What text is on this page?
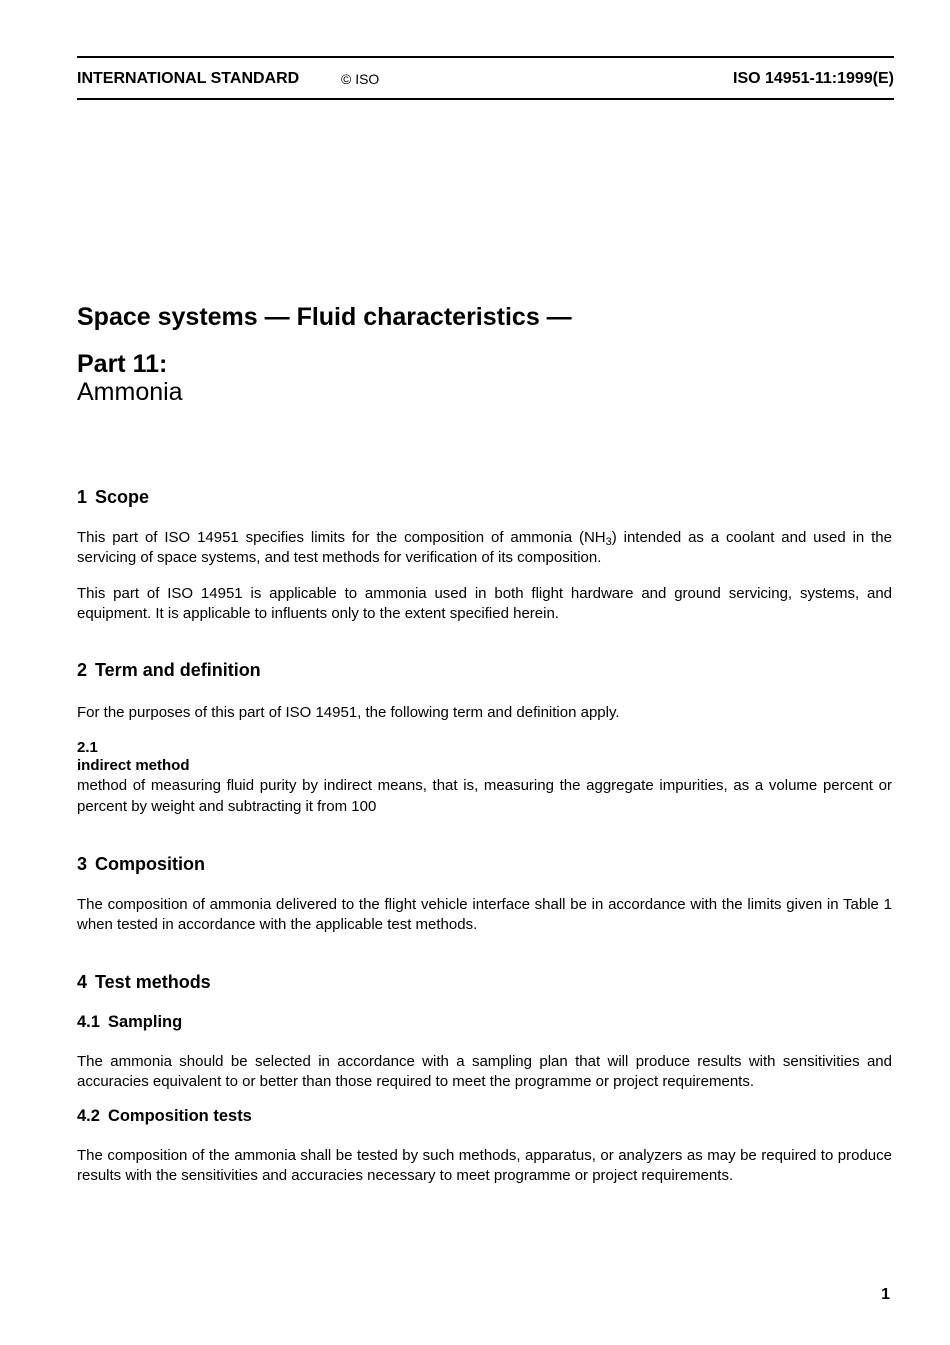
INTERNATIONAL STANDARD	© ISO	ISO 14951-11:1999(E)
Space systems — Fluid characteristics —
Part 11:
Ammonia
1 Scope
This part of ISO 14951 specifies limits for the composition of ammonia $(NH_3)$ intended as a coolant and used in the servicing of space systems, and test methods for verification of its composition.
This part of ISO 14951 is applicable to ammonia used in both flight hardware and ground servicing, systems, and equipment. It is applicable to influents only to the extent specified herein.
2 Term and definition
For the purposes of this part of ISO 14951, the following term and definition apply.
2.1
indirect method
method of measuring fluid purity by indirect means, that is, measuring the aggregate impurities, as a volume percent or percent by weight and subtracting it from 100
3 Composition
The composition of ammonia delivered to the flight vehicle interface shall be in accordance with the limits given in Table 1 when tested in accordance with the applicable test methods.
4 Test methods
4.1 Sampling
The ammonia should be selected in accordance with a sampling plan that will produce results with sensitivities and accuracies equivalent to or better than those required to meet the programme or project requirements.
4.2 Composition tests
The composition of the ammonia shall be tested by such methods, apparatus, or analyzers as may be required to produce results with the sensitivities and accuracies necessary to meet programme or project requirements.
1
